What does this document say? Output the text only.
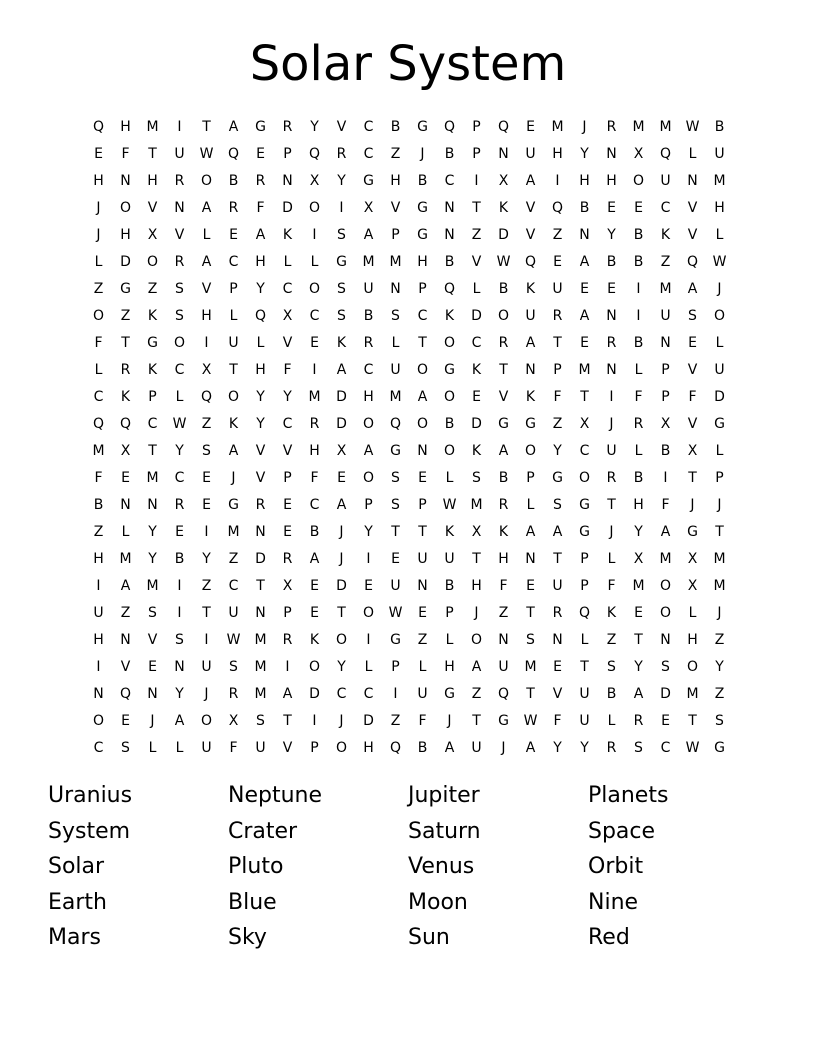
Solar System
Q	H	M	I	T	A	G	R	Y	V	C	B	G	Q	P	Q	E	M	J	R	M	M	W	B
E	F	T	U	W	Q	E	P	Q	R	C	Z	J	B	P	N	U	H	Y	N	X	Q	L	U
H	N	H	R	O	B	R	N	X	Y	G	H	B	C	I	X	A	I	H	H	O	U	N	M
J	O	V	N	A	R	F	D	O	I	X	V	G	N	T	K	V	Q	B	E	E	C	V	H
J	H	X	V	L	E	A	K	I	S	A	P	G	N	Z	D	V	Z	N	Y	B	K	V	L
L	D	O	R	A	C	H	L	L	G	M	M	H	B	V	W	Q	E	A	B	B	Z	Q	W
Z	G	Z	S	V	P	Y	C	O	S	U	N	P	Q	L	B	K	U	E	E	I	M	A	J
O	Z	K	S	H	L	Q	X	C	S	B	S	C	K	D	O	U	R	A	N	I	U	S	O
F	T	G	O	I	U	L	V	E	K	R	L	T	O	C	R	A	T	E	R	B	N	E	L
L	R	K	C	X	T	H	F	I	A	C	U	O	G	K	T	N	P	M	N	L	P	V	U
C	K	P	L	Q	O	Y	Y	M	D	H	M	A	O	E	V	K	F	T	I	F	P	F	D
Q	Q	C	W	Z	K	Y	C	R	D	O	Q	O	B	D	G	G	Z	X	J	R	X	V	G
M	X	T	Y	S	A	V	V	H	X	A	G	N	O	K	A	O	Y	C	U	L	B	X	L
F	E	M	C	E	J	V	P	F	E	O	S	E	L	S	B	P	G	O	R	B	I	T	P
B	N	N	R	E	G	R	E	C	A	P	S	P	W	M	R	L	S	G	T	H	F	J	J
Z	L	Y	E	I	M	N	E	B	J	Y	T	T	K	X	K	A	A	G	J	Y	A	G	T
H	M	Y	B	Y	Z	D	R	A	J	I	E	U	U	T	H	N	T	P	L	X	M	X	M
I	A	M	I	Z	C	T	X	E	D	E	U	N	B	H	F	E	U	P	F	M	O	X	M
U	Z	S	I	T	U	N	P	E	T	O	W	E	P	J	Z	T	R	Q	K	E	O	L	J
H	N	V	S	I	W	M	R	K	O	I	G	Z	L	O	N	S	N	L	Z	T	N	H	Z
I	V	E	N	U	S	M	I	O	Y	L	P	L	H	A	U	M	E	T	S	Y	S	O	Y
N	Q	N	Y	J	R	M	A	D	C	C	I	U	G	Z	Q	T	V	U	B	A	D	M	Z
O	E	J	A	O	X	S	T	I	J	D	Z	F	J	T	G	W	F	U	L	R	E	T	S
C	S	L	L	U	F	U	V	P	O	H	Q	B	A	U	J	A	Y	Y	R	S	C	W	G
Uranius	Neptune	Jupiter	Planets
System	Crater	Saturn	Space
Solar	Pluto	Venus	Orbit
Earth	Blue	Moon	Nine
Mars	Sky	Sun	Red
